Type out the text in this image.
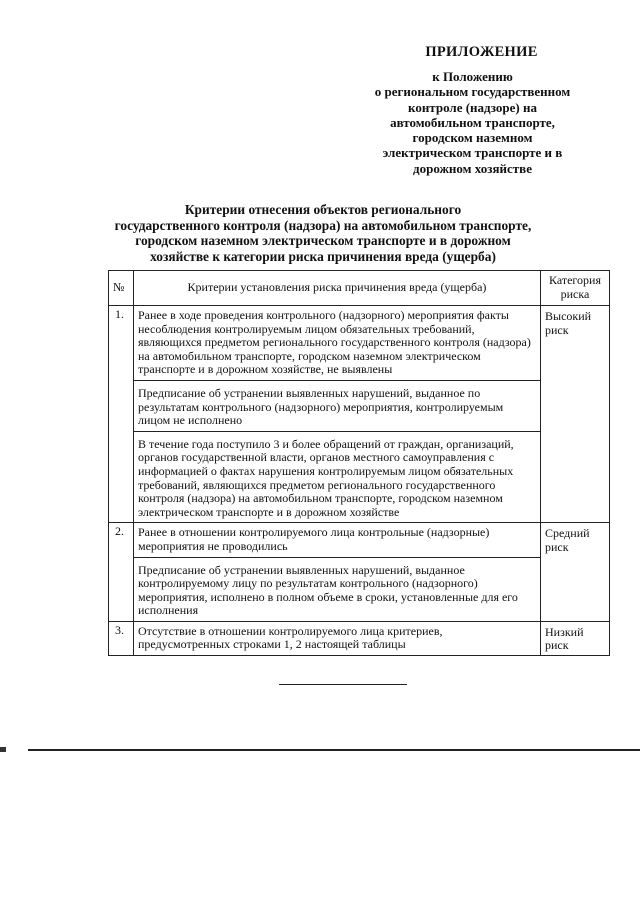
ПРИЛОЖЕНИЕ
к Положению
о региональном государственном
контроле (надзоре) на
автомобильном транспорте,
городском наземном
электрическом транспорте и в
дорожном хозяйстве
Критерии отнесения объектов регионального
государственного контроля (надзора) на автомобильном транспорте,
городском наземном электрическом транспорте и в дорожном
хозяйстве к категории риска причинения вреда (ущерба)
№	Критерии установления риска причинения вреда (ущерба)	Категория риска
1.	Ранее в ходе проведения контрольного (надзорного) мероприятия факты несоблюдения контролируемым лицом обязательных требований, являющихся предметом регионального государственного контроля (надзора) на автомобильном транспорте, городском наземном электрическом транспорте и в дорожном хозяйстве, не выявлены
Предписание об устранении выявленных нарушений, выданное по результатам контрольного (надзорного) мероприятия, контролируемым лицом не исполнено
В течение года поступило 3 и более обращений от граждан, организаций, органов государственной власти, органов местного самоуправления с информацией о фактах нарушения контролируемым лицом обязательных требований, являющихся предметом регионального государственного контроля (надзора) на автомобильном транспорте, городском наземном электрическом транспорте и в дорожном хозяйстве	Высокий риск
2.	Ранее в отношении контролируемого лица контрольные (надзорные) мероприятия не проводились
Предписание об устранении выявленных нарушений, выданное контролируемому лицу по результатам контрольного (надзорного) мероприятия, исполнено в полном объеме в сроки, установленные для его исполнения	Средний риск
3.	Отсутствие в отношении контролируемого лица критериев, предусмотренных строками 1, 2 настоящей таблицы	Низкий риск
